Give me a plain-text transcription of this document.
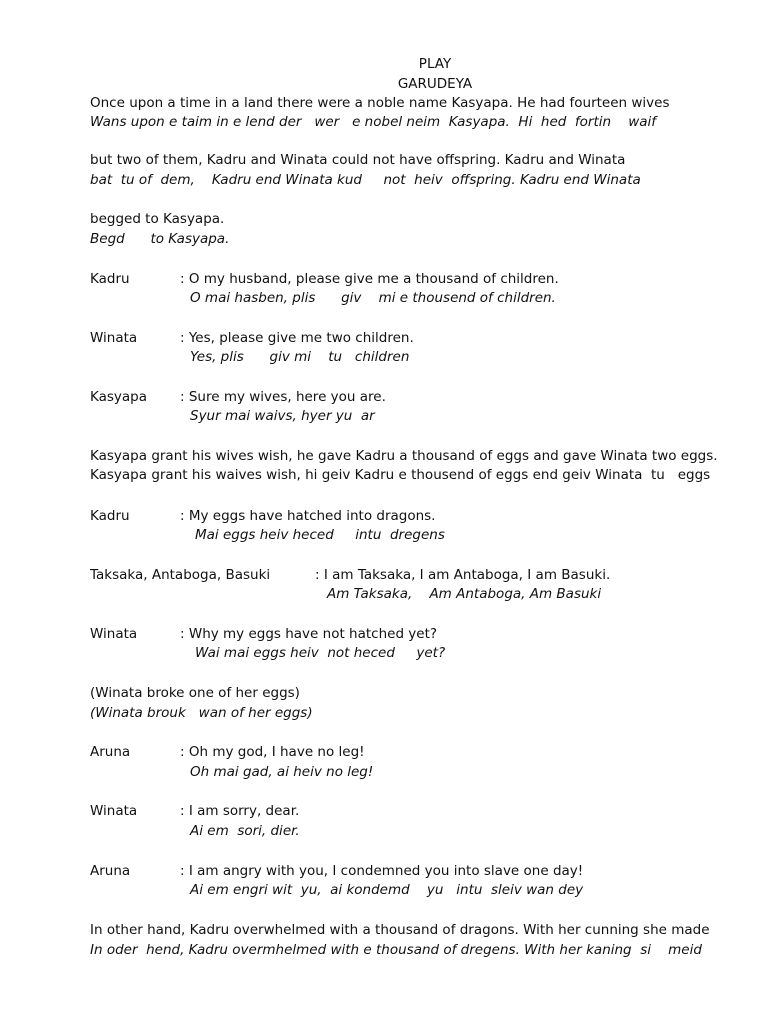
PLAY
GARUDEYA
Once upon a time in a land there were a noble name Kasyapa. He had fourteen wives
Wans upon e taim in e lend der   wer   e nobel neim  Kasyapa.  Hi  hed  fortin    waif
but two of them, Kadru and Winata could not have offspring. Kadru and Winata
bat  tu of  dem,    Kadru end Winata kud     not  heiv  offspring. Kadru end Winata
begged to Kasyapa.
Begd      to Kasyapa.
Kadru	: O my husband, please give me a thousand of children.
O mai hasben, plis      giv    mi e thousend of children.
Winata	: Yes, please give me two children.
Yes, plis      giv mi    tu   children
Kasyapa : Sure my wives, here you are.
Syur mai waivs, hyer yu  ar
Kasyapa grant his wives wish, he gave Kadru a thousand of eggs and gave Winata two eggs.
Kasyapa grant his waives wish, hi geiv Kadru e thousend of eggs end geiv Winata  tu   eggs
Kadru	: My eggs have hatched into dragons.
Mai eggs heiv heced     intu  dregens
Taksaka, Antaboga, Basuki	: I am Taksaka, I am Antaboga, I am Basuki.
Am Taksaka,    Am Antaboga, Am Basuki
Winata	: Why my eggs have not hatched yet?
Wai mai eggs heiv  not heced     yet?
(Winata broke one of her eggs)
(Winata brouk   wan of her eggs)
Aruna	: Oh my god, I have no leg!
Oh mai gad, ai heiv no leg!
Winata	: I am sorry, dear.
Ai em  sori, dier.
Aruna	: I am angry with you, I condemned you into slave one day!
Ai em engri wit  yu,  ai kondemd    yu   intu  sleiv wan dey
In other hand, Kadru overwhelmed with a thousand of dragons. With her cunning she made
In oder  hend, Kadru overmhelmed with e thousand of dregens. With her kaning  si    meid
